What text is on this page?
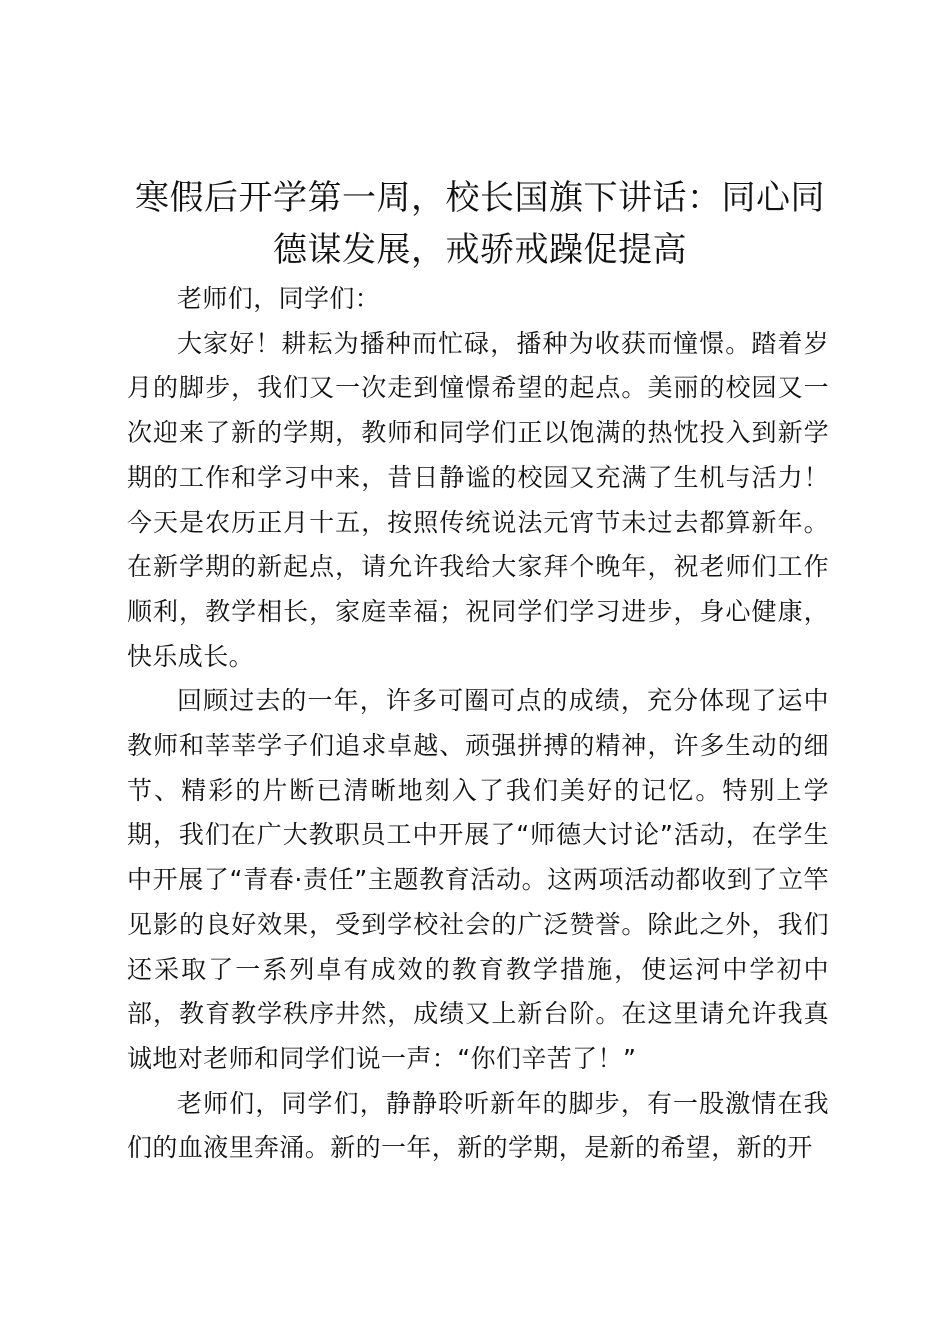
寒假后开学第一周，校长国旗下讲话：同心同
德谋发展，戒骄戒躁促提高

老师们，同学们：

大家好！耕耘为播种而忙碌，播种为收获而憧憬。踏着岁月的脚步，我们又一次走到憧憬希望的起点。美丽的校园又一次迎来了新的学期，教师和同学们正以饱满的热忱投入到新学期的工作和学习中来，昔日静谧的校园又充满了生机与活力！今天是农历正月十五，按照传统说法元宵节未过去都算新年。在新学期的新起点，请允许我给大家拜个晚年，祝老师们工作顺利，教学相长，家庭幸福；祝同学们学习进步，身心健康，快乐成长。

回顾过去的一年，许多可圈可点的成绩，充分体现了运中教师和莘莘学子们追求卓越、顽强拼搏的精神，许多生动的细节、精彩的片断已清晰地刻入了我们美好的记忆。特别上学期，我们在广大教职员工中开展了“师德大讨论”活动，在学生中开展了“青春·责任”主题教育活动。这两项活动都收到了立竿见影的良好效果，受到学校社会的广泛赞誉。除此之外，我们还采取了一系列卓有成效的教育教学措施，使运河中学初中部，教育教学秩序井然，成绩又上新台阶。在这里请允许我真诚地对老师和同学们说一声：“你们辛苦了！”

老师们，同学们，静静聆听新年的脚步，有一股激情在我们的血液里奔涌。新的一年，新的学期，是新的希望，新的开
